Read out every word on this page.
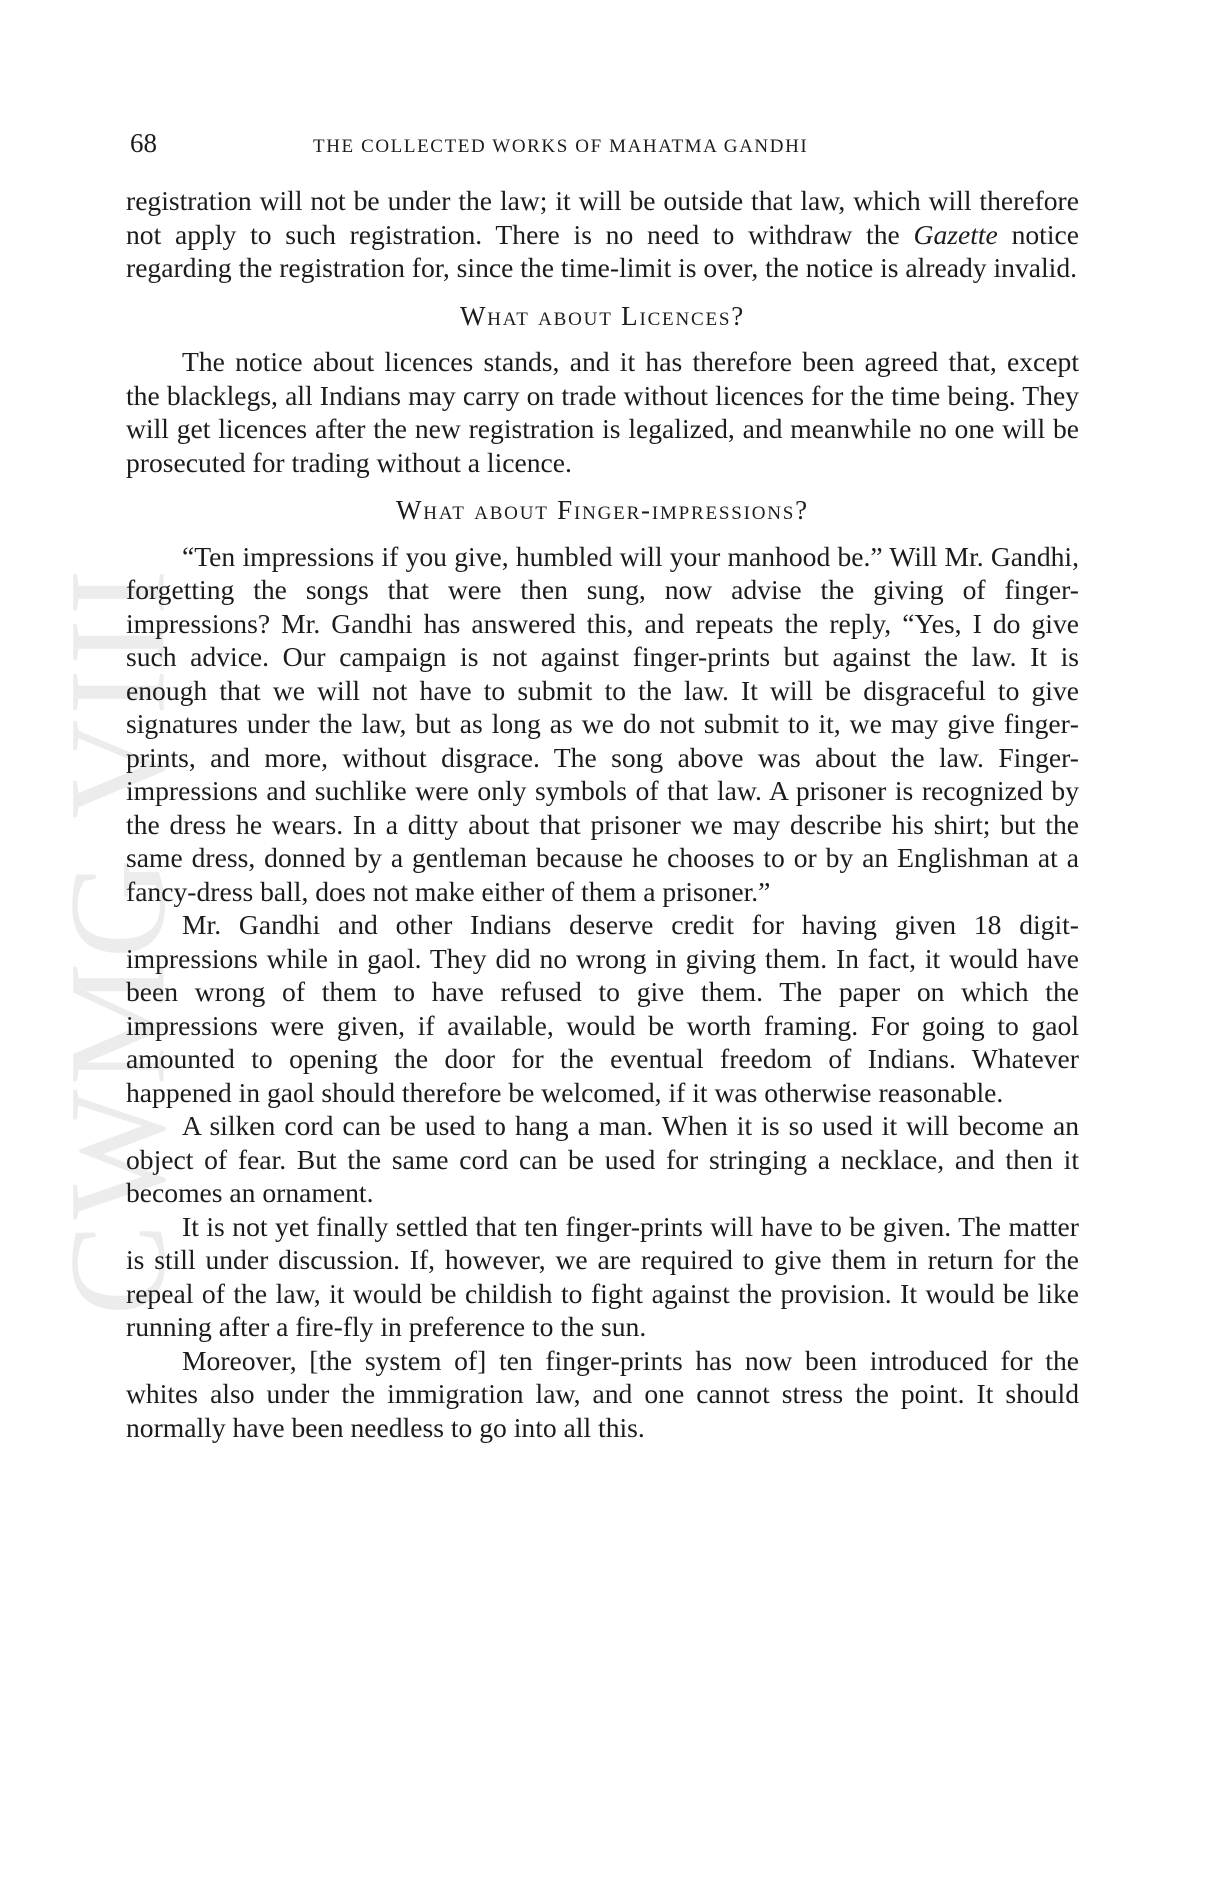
CWMG VIII
68	THE COLLECTED WORKS OF MAHATMA GANDHI

registration will not be under the law; it will be outside that law, which will therefore not apply to such registration. There is no need to withdraw the Gazette notice regarding the registration for, since the time-limit is over, the notice is already invalid.

What about Licences?

The notice about licences stands, and it has therefore been agreed that, except the blacklegs, all Indians may carry on trade without licences for the time being. They will get licences after the new registration is legalized, and meanwhile no one will be prosecuted for trading without a licence.

What about Finger-impressions?

“Ten impressions if you give, humbled will your manhood be.” Will Mr. Gandhi, forgetting the songs that were then sung, now advise the giving of finger-impressions? Mr. Gandhi has answered this, and repeats the reply, “Yes, I do give such advice. Our campaign is not against finger-prints but against the law. It is enough that we will not have to submit to the law. It will be disgraceful to give signatures under the law, but as long as we do not submit to it, we may give fingerprints, and more, without disgrace. The song above was about the law. Finger-impressions and suchlike were only symbols of that law. A prisoner is recognized by the dress he wears. In a ditty about that prisoner we may describe his shirt; but the same dress, donned by a gentleman because he chooses to or by an Englishman at a fancy-dress ball, does not make either of them a prisoner.”

Mr. Gandhi and other Indians deserve credit for having given 18 digit-impressions while in gaol. They did no wrong in giving them. In fact, it would have been wrong of them to have refused to give them. The paper on which the impressions were given, if available, would be worth framing. For going to gaol amounted to opening the door for the eventual freedom of Indians. Whatever happened in gaol should therefore be welcomed, if it was otherwise reasonable.

A silken cord can be used to hang a man. When it is so used it will become an object of fear. But the same cord can be used for stringing a necklace, and then it becomes an ornament.

It is not yet finally settled that ten finger-prints will have to be given. The matter is still under discussion. If, however, we are required to give them in return for the repeal of the law, it would be childish to fight against the provision. It would be like running after a fire-fly in preference to the sun.

Moreover, [the system of] ten finger-prints has now been introduced for the whites also under the immigration law, and one cannot stress the point. It should normally have been needless to go into all this.
